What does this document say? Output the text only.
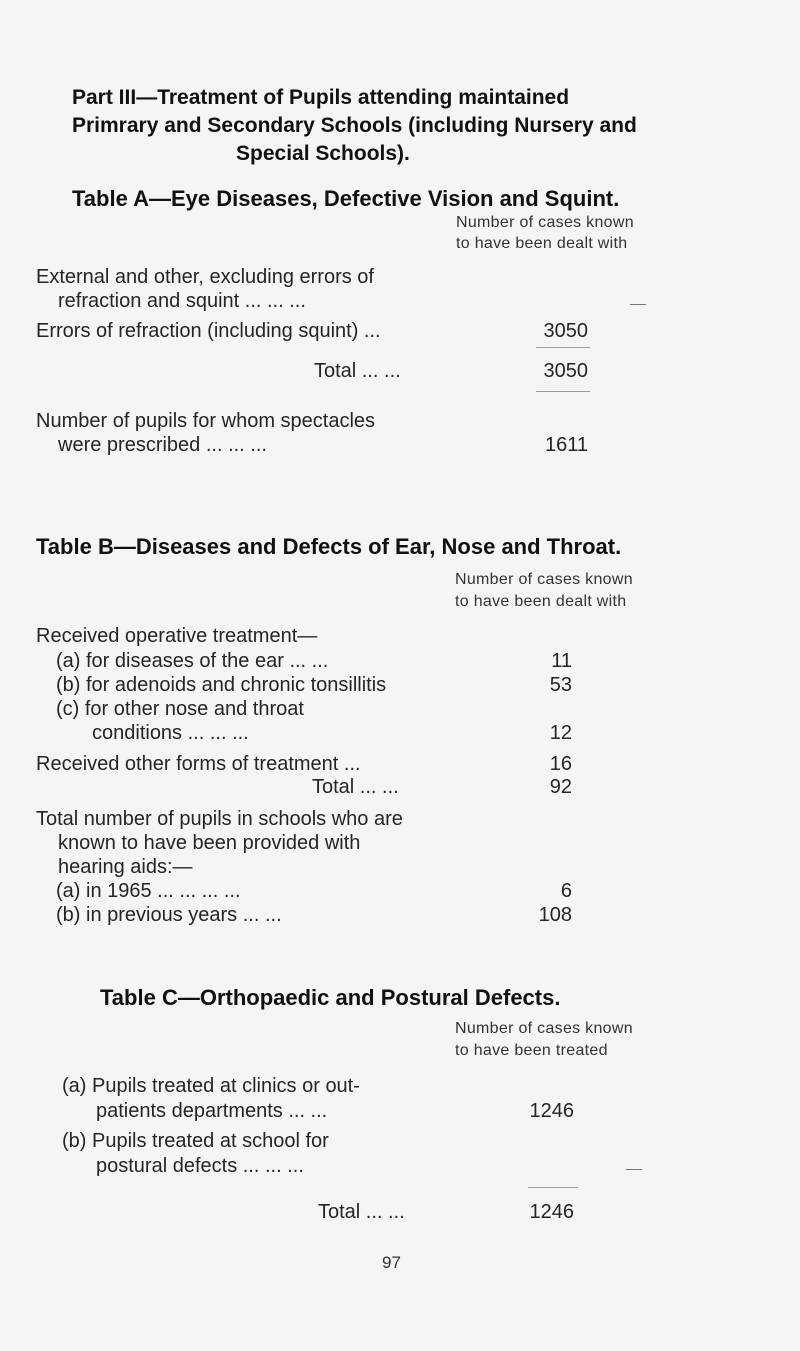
Part III—Treatment of Pupils attending maintained
Primrary and Secondary Schools (including Nursery and
Special Schools).
Table A—Eye Diseases, Defective Vision and Squint.
Number of cases known
to have been dealt with
External and other, excluding errors of
refraction and squint ... ... ...
Errors of refraction (including squint) ...	3050
Total ... ...	3050
Number of pupils for whom spectacles
were prescribed ... ... ...	1611
Table B—Diseases and Defects of Ear, Nose and Throat.
Number of cases known
to have been dealt with
Received operative treatment—
(a) for diseases of the ear ... ...	11
(b) for adenoids and chronic tonsillitis	53
(c) for other nose and throat
conditions ... ... ...	12
Received other forms of treatment ...	16
Total ... ...	92
Total number of pupils in schools who are
known to have been provided with
hearing aids:—
(a) in 1965 ... ... ... ...	6
(b) in previous years ... ...	108
Table C—Orthopaedic and Postural Defects.
Number of cases known
to have been treated
(a) Pupils treated at clinics or out-
patients departments ... ...	1246
(b) Pupils treated at school for
postural defects ... ... ...
Total ... ...	1246
97
